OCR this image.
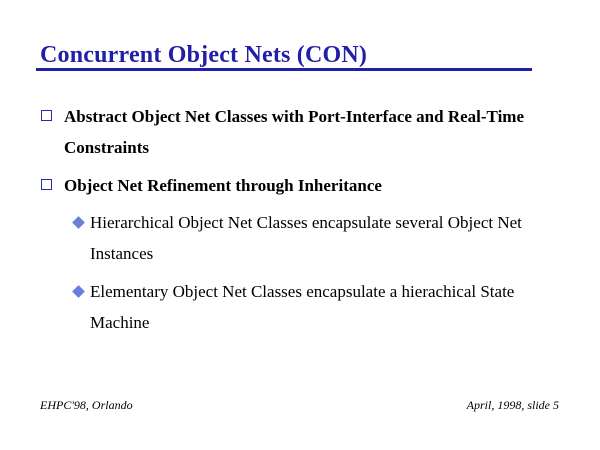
Concurrent Object Nets (CON)
Abstract Object Net Classes with Port-Interface and Real-Time Constraints
Object Net Refinement through Inheritance
Hierarchical Object Net Classes encapsulate several Object Net Instances
Elementary Object Net Classes encapsulate a hierachical State Machine
EHPC'98, Orlando	April, 1998, slide 5
